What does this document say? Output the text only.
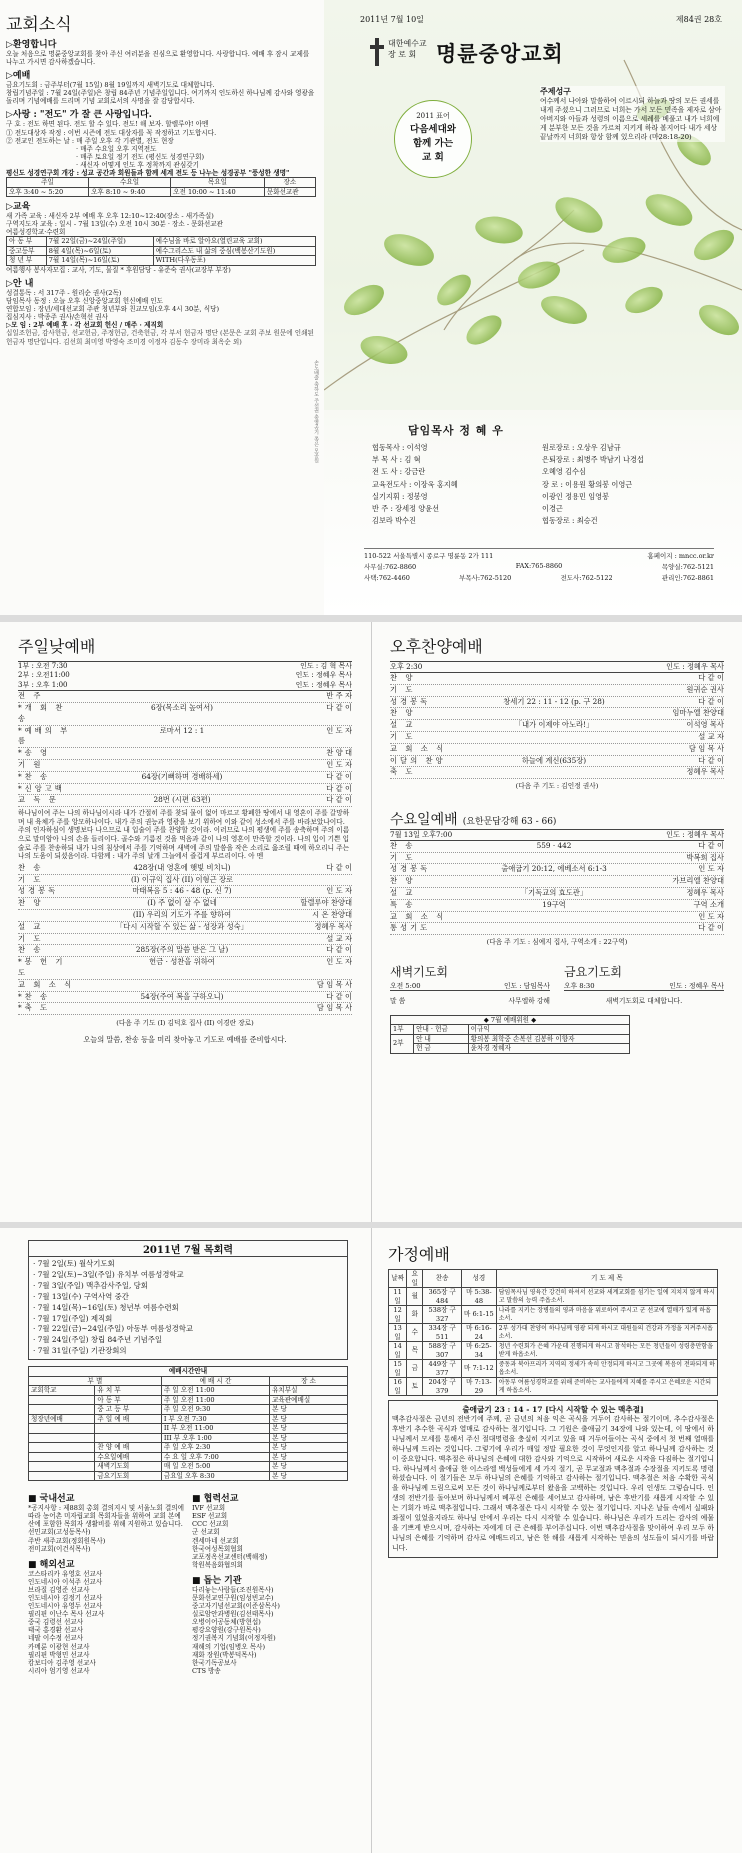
교회소식
▷환영합니다
오늘 처음으로 명륜중앙교회를 찾아 주신 여러분을 진심으로 환영합니다. 사랑합니다. 예배 후 잠시 교제를 나누고 가시면 감사하겠습니다.
▷예배
금요기도회 : 금주부터(7월 15일) 8월 19일까지 새벽기도로 대체합니다.
창립기념주일 : 7월 24일(주일)은 창립 84주년 기념주일입니다. 여기까지 인도하신 하나님께 감사와 영광을 돌리며 기념예배를 드리며 기념 교회로서의 사명을 잘 감당합시다.
▷사랑 : "전도" 가 잘 큰 사랑입니다.
구 호 : 전도 하면 된다. 전도 할 수 있다. 전도! 해 보자. 할렐루야! 아멘
① 전도대상자 작정 : 이번 시즌에 전도 대상자를 꼭 작정하고 기도합시다.
② 전교인 전도하는 날 : 매 주일 오후 각 기관별, 전도 현장
· 매주 수요일 오후 지역전도
· 매주 토요일 정기 전도 (평신도 성경연구회)
· 새신자 어떻게 인도 후 정착까지 관심갖기
평신도 성경연구회 개강 : 성교 공간과 회원들과 함께 세계 전도 등 나누는 성경공부 "풍성한 생명"
주일	수요일	목요일	장소
오후 3:40 ~ 5:20	오후 8:10 ~ 9:40	오전 10:00 ~ 11:40	문화선교관
▷교육
새 가족 교육 : 새신자 2부 예배 후 오후 12:10~12:40(장소 - 새가족실)
구역지도자 교육 : 일시 - 7월 13일(수) 오전 10시 30분 · 장소 - 문화선교관
여름성경학교·수련회
아 동 부	7월 22일(금)~24일(주일)	예수님을 바로 알아요(열린교육 교회)
중고등부	8월 4일(목)~6일(토)	예수그리스도 내 삶의 중심(백봉산기도원)
청 년 부	7월 14일(목)~16일(토)	WITH(다우동포)
여름행사 봉사자모집 : 교사, 기도, 물질 * 후원담당 - 유준숙 권사(교장부 부장)
▷안 내
성결통독 : 서 317주 - 원리순 권사(2독)
담임목사 동정 : 오늘 오후 신앙중앙교회 헌신예배 인도
연합모임 : 장년/세대선교회 주관 청년부와 친교모임(오후 4시 30분, 식당)
집심지사 : 박종주 권사/손혁선 권사
▷모 임 : 2부 예배 후 · 각 선교회 헌신 / 매주 · 제직회
십일조헌금, 감사헌금, 선교헌금, 주정헌금, 건축헌금, 각 부서 헌금자 명단 (본문은 교회 주보 원문에 인쇄된 헌금자 명단입니다. 김선희 최미영 박영숙 조미경 이정자 김동수 장미라 최옥순 외)
손도배출 축하도 주선권 충영공기 쪽은 모공원
2011년 7월 10일	제84권 28호
대한예수교
장 로 회 명륜중앙교회
2011 표어
다음세대와
함께 가는
교 회
주제성구
여수께서 나아와 말씀하여 이르시되 하늘과 땅의 모든 권세를 내게 주셨으니 그러므로 너희는 가서 모든 민족을 제자로 삼아 아버지와 아들과 성령의 이름으로 세례를 베풀고 내가 너희에게 분부한 모든 것을 가르쳐 지키게 하라 볼지어다 내가 세상 끝날까지 너희와 항상 함께 있으리라 (마28:18-20)
담임목사 정 혜 우
협동목사 : 이석영	원로장로 : 오상우 김남규
부 목 사 : 김 혁	은퇴장로 : 최병주 박남기 나경섭
전 도 사 : 강금란	오혜영 김수심
교육전도사 : 이장욱 홍지혜	장 로 : 이용원 황의봉 이영근
실기지휘 : 정봉영	이광인 정용민 임영봉
반 주 : 장세정 양윤선	이경근
김보라 박수진	협동장로 : 최승건
110-522 서울특별시 종로구 명륜동 2가 111	홈페이지 : mncc.or.kr
사무실:762-8860	FAX:765-8860	목양실:762-5121
사택:762-4460	부목사:762-5120	전도사:762-5122	관리인:762-8861
주일낮예배
1부 : 오전 7:30	인도 : 김 혁 목사
2부 : 오전11:00	인도 : 정혜우 목사
3부 : 오후 1:00	인도 : 정혜우 목사
전 주	반 주 자
*개 회 찬 송
6장(목소리 높여서)	다 같 이
*예배의 부름
로마서 12 : 1	인 도 자
*송 영	찬 양 대
기 원	인 도 자
*찬 송	64장(기뻐하며 경배하세)	다 같 이
*신앙고백	다 같 이
교 독 문	28번 (시편 63편)	다 같 이
하나님이여 주는 나의 하나님이시라 내가 간절히 주를 찾되 물이 없어 마르고 황폐한 땅에서 내 영혼이 주를 갈망하며 내 육체가 주를 앙모하나이다. 내가 주의 권능과 영광을 보기 위하여 이와 같이 성소에서 주를 바라보았나이다. 주의 인자하심이 생명보다 나으므로 내 입술이 주를 찬양할 것이라. 이러므로 나의 평생에 주를 송축하며 주의 이름으로 말미암아 나의 손을 들리이다. 골수와 기름진 것을 먹음과 같이 나의 영혼이 만족할 것이라. 나의 입이 기쁜 입술로 주를 찬송하되 내가 나의 침상에서 주를 기억하며 새벽에 주의 말씀을 작은 소리로 읊조릴 때에 하오리니 주는 나의 도움이 되셨음이라. 다함께 : 내가 주의 날개 그늘에서 즐겁게 부르리이다. 아 멘
찬 송	428장(내 영혼에 햇빛 비치니)	다 같 이
기 도	(I) 이규익 집사 (II) 이형근 장로
성경봉독	마태복음 5 : 46 - 48 (p. 신 7)	인 도 자
찬 양	(I) 주 없이 살 수 없네	할렐루야 찬양대
(II) 우리의 기도가 주를 향하여	시 온 찬양대
설 교	「다시 시작할 수 있는 삶 - 성장과 성숙」	정혜우 목사
기 도	설 교 자
찬 송	285장(주의 말씀 받은 그 날)	다 같 이
*봉 헌 기 도
헌금 · 성찬을 위하여	인 도 자
교 회 소 식	담 임 목 사
*찬 송	54장(주여 복을 구하오니)	다 같 이
*축 도	담 임 목 사
(다음 주 기도 (I) 김덕호 집사 (II) 이경란 장로)
오늘의 말씀, 찬송 등을 미리 찾아놓고 기도로 예배를 준비합시다.
오후찬양예배
오후 2:30	인도 : 정혜우 목사
찬 양	다 같 이
기 도	원귀순 권사
성경봉독	창세기 22 : 11 - 12 (p. 구 28)	다 같 이
찬 양	임마누엘 찬양대
설 교	「내가 이제야 아노라!」	이석영 목사
기 도	설 교 자
교 회 소 식	담 임 목 사
이달의 찬양	하늘에 계신(635장)	다 같 이
축 도	정혜우 목사
(다음 주 기도 : 김인정 권사)
수요일예배 (요한문답강해 63 - 66)
7월 13일 오후7:00	인도 : 정혜우 목사
찬 송	559 · 442	다 같 이
기 도	박복희 집사
성경봉독	출애굽기 20:12, 에베소서 6:1-3	인 도 자
찬 양	가브리엘 찬양대
설 교	「기독교의 효도관」	정혜우 목사
특 송	19구역	구역 소개
교 회 소 식	인 도 자
통성기도	다 같 이
(다음 주 기도 : 심예지 집사, 구역소개 : 22구역)
새벽기도회
오전 5:00	인도 : 담임목사
말 씀	사무엘하 강해
금요기도회
오후 8:30	인도 : 정혜우 목사
새벽기도회로 대체합니다.
◆ 7월 예배위원 ◆		
1부	안내 · 헌금	이규익
2부	안 내	황의봉 최학중 손복선 김봉하 이향자
	헌 금	윤차경 정혜자
2011년 7월 목회력
· 7월 2일(토) 월삭기도회
· 7월 2일(토)~3일(주일) 유치부 여름성경학교
· 7월 3일(주일) 맥추감사주일, 당회
· 7월 13일(수) 구역사역 중간
· 7월 14일(목)~16일(토) 청년부 여름수련회
· 7월 17일(주일) 제직회
· 7월 22일(금)~24일(주일) 아동부 여름성경학교
· 7월 24일(주일) 창립 84주년 기념주일
· 7월 31일(주일) 기관장회의
예배시간안내			
부 별		예 배 시 간	장 소
교회학교	유 치 부	주 일 오전 11:00	유치부실
	아 동 부	주 일 오전 11:00	교육관예배실
	중 고 등 부	주 일 오전 9:30	본 당
청장년예배	주 일 예 배	I 부 오전 7:30	본 당
		II 부 오전 11:00	본 당
		III 부 오후 1:00	본 당
	찬 양 예 배	주 일 오후 2:30	본 당
	수요일예배	수 요 일 오후 7:00	본 당
	새벽기도회	매 일 오전 5:00	본 당
	금요기도회	금요일 오후 8:30	본 당
■ 국내선교
*공지사항 : 제88회 총회 결의지시 및 서울노회 결의에 따라 농어촌 미자립교회 목회자들을 위하여 교회 본예산에 포함한 목회자 생활비를 위해 지원하고 있습니다.
선민교회(고성동목사)
주반 새주교회(정회원목사)
전미교회(이건식목사)
■ 해외선교
코스타리카 유영호 선교사
인도네시아 이석주 선교사
브라질 김영준 선교사
인도네시아 김정기 선교사
인도네시아 유영두 선교사
필리핀 이난수 목사 선교사
중국 김령선 선교사
태국 홍경환 선교사
네팔 이수정 선교사
카메룬 이광현 선교사
필리핀 박형민 선교사
캄보디아 김주영 선교사
시리아 엄기영 선교사
■ 협력선교
IVF 선교회
ESF 선교회
CCC 선교회
군 선교회
겐세마네 선교회
한국여성목회협회
교포정옥선교센터(백해정)
학원복음화협의회
■ 돕는 기관
다리놓는사람들(조진원목사)
문화선교연구원(임성빈교수)
중고자기념선교회(이준삼목사)
실로암안과병원(김선태목사)
오병이어공동체(방현섭)
평강요양원(강구원목사)
정기권복지 기념회(이정자원)
재해의 기업(임병오 목사)
재화 장원(박봉덕목사)
한국기독공보사
CTS 방송
가정예배
날짜	요일	찬송	성경	기 도 제 목
11일	월	365장 구484	마 5:38-48	담임목사님 영육간 강건히 하셔서 선교와 세계교회를 섬기는 일에 지치지 않게 하시고 말씀의 능력 주옵소서.
12일	화	538장 구327	마 6:1-15	나라를 지키는 장병들의 영과 마음을 위로하여 주시고 군 선교에 열매가 있게 하옵소서.
13일	수	334장 구511	마 6:16-24	2부 성가대 찬양이 하나님께 영광 되게 하시고 대원들의 건강과 가정을 지켜주시옵소서.
14일	목	588장 구307	마 6:25-34	청년 수련회가 은혜 가운데 진행되게 하시고 참석하는 모든 청년들이 성령충만함을 받게 하옵소서.
15일	금	449장 구377	마 7:1-12	중동과 북아프리카 지역의 정세가 속히 안정되게 하시고 그곳에 복음이 전파되게 하옵소서.
16일	토	204장 구379	마 7:13-29	아동부 여름성경학교를 위해 준비하는 교사들에게 지혜를 주시고 은혜로운 시간되게 하옵소서.
출애굽기 23 : 14 - 17 [다시 시작할 수 있는 맥추절]
맥추감사절은 금년의 전반기에 주께, 곧 금년의 처음 익은 곡식을 거두어 감사하는 절기이며, 추수감사절은 후반기 추수한 곡식과 열매로 감사하는 절기입니다. 그 기원은 출애굽기 34장에 나와 있는데, 이 땅에서 하나님께서 모세를 통해서 주신 절대명령을 충실히 지키고 있을 때 거두어들이는 곡식 중에서 첫 번째 열매를 하나님께 드리는 것입니다. 그렇기에 우리가 매일 정말 필요한 것이 무엇인지를 알고 하나님께 감사하는 것이 중요합니다. 맥추절은 하나님의 은혜에 대한 감사와 기억으로 시작하여 새로운 시작을 다짐하는 절기입니다. 하나님께서 출애굽 한 이스라엘 백성들에게 세 가지 절기, 곧 무교절과 맥추절과 수장절을 지키도록 명령하셨습니다. 이 절기들은 모두 하나님의 은혜를 기억하고 감사하는 절기입니다. 맥추절은 처음 수확한 곡식을 하나님께 드림으로써 모든 것이 하나님께로부터 왔음을 고백하는 것입니다. 우리 인생도 그렇습니다. 인생의 전반기를 돌아보며 하나님께서 베푸신 은혜를 세어보고 감사하며, 남은 후반기를 새롭게 시작할 수 있는 기회가 바로 맥추절입니다. 그래서 맥추절은 다시 시작할 수 있는 절기입니다. 지나온 날들 속에서 실패와 좌절이 있었을지라도 하나님 안에서 우리는 다시 시작할 수 있습니다. 하나님은 우리가 드리는 감사의 예물을 기쁘게 받으시며, 감사하는 자에게 더 큰 은혜를 부어주십니다. 이번 맥추감사절을 맞이하여 우리 모두 하나님의 은혜를 기억하며 감사로 예배드리고, 남은 한 해를 새롭게 시작하는 믿음의 성도들이 되시기를 바랍니다.
